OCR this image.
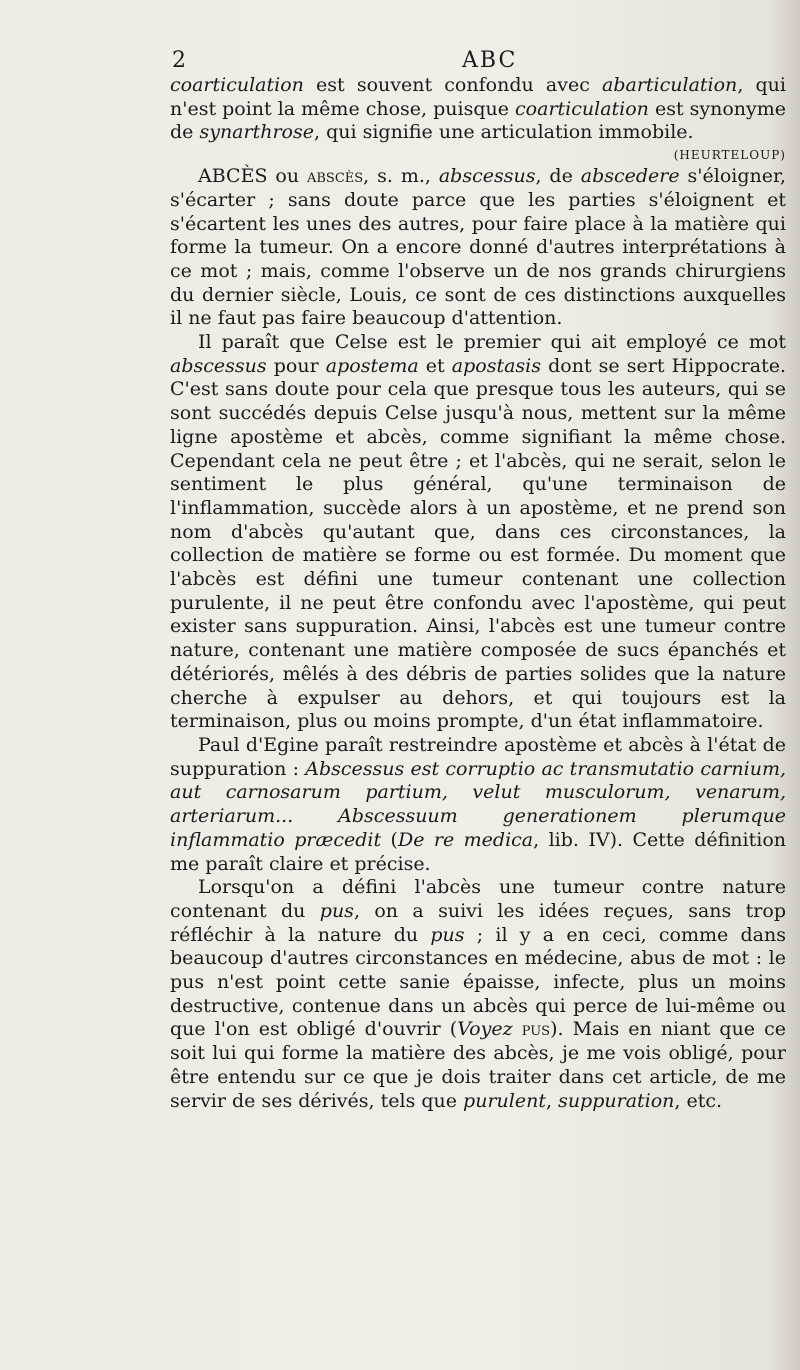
2	ABC

coarticulation est souvent confondu avec abarticulation, qui n'est point la même chose, puisque coarticulation est synonyme de synarthrose, qui signifie une articulation immobile.

(HEURTELOUP)

ABCÈS ou abscès, s. m., abscessus, de abscedere s'éloigner, s'écarter ; sans doute parce que les parties s'éloignent et s'écartent les unes des autres, pour faire place à la matière qui forme la tumeur. On a encore donné d'autres interprétations à ce mot ; mais, comme l'observe un de nos grands chirurgiens du dernier siècle, Louis, ce sont de ces distinctions auxquelles il ne faut pas faire beaucoup d'attention.

Il paraît que Celse est le premier qui ait employé ce mot abscessus pour apostema et apostasis dont se sert Hippocrate. C'est sans doute pour cela que presque tous les auteurs, qui se sont succédés depuis Celse jusqu'à nous, mettent sur la même ligne apostème et abcès, comme signifiant la même chose. Cependant cela ne peut être ; et l'abcès, qui ne serait, selon le sentiment le plus général, qu'une terminaison de l'inflammation, succède alors à un apostème, et ne prend son nom d'abcès qu'autant que, dans ces circonstances, la collection de matière se forme ou est formée. Du moment que l'abcès est défini une tumeur contenant une collection purulente, il ne peut être confondu avec l'apostème, qui peut exister sans suppuration. Ainsi, l'abcès est une tumeur contre nature, contenant une matière composée de sucs épanchés et détériorés, mêlés à des débris de parties solides que la nature cherche à expulser au dehors, et qui toujours est la terminaison, plus ou moins prompte, d'un état inflammatoire.

Paul d'Egine paraît restreindre apostème et abcès à l'état de suppuration : Abscessus est corruptio ac transmutatio carnium, aut carnosarum partium, velut musculorum, venarum, arteriarum... Abscessuum generationem plerumque inflammatio præcedit (De re medica, lib. IV). Cette définition me paraît claire et précise.

Lorsqu'on a défini l'abcès une tumeur contre nature contenant du pus, on a suivi les idées reçues, sans trop réfléchir à la nature du pus ; il y a en ceci, comme dans beaucoup d'autres circonstances en médecine, abus de mot : le pus n'est point cette sanie épaisse, infecte, plus un moins destructive, contenue dans un abcès qui perce de lui-même ou que l'on est obligé d'ouvrir (Voyez pus). Mais en niant que ce soit lui qui forme la matière des abcès, je me vois obligé, pour être entendu sur ce que je dois traiter dans cet article, de me servir de ses dérivés, tels que purulent, suppuration, etc.
